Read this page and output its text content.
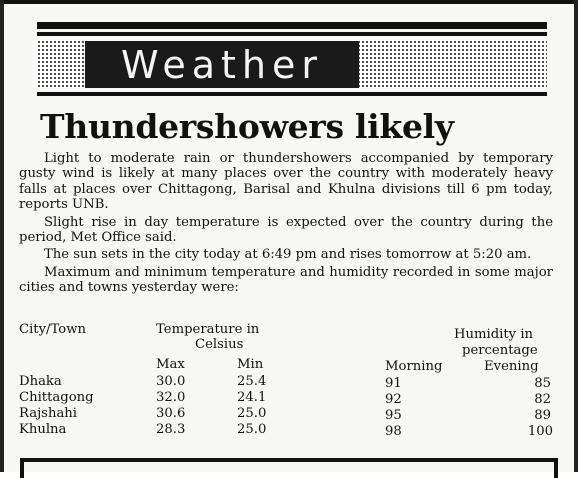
Weather
Thundershowers likely

Light to moderate rain or thundershowers accompanied by temporary gusty wind is likely at many places over the country with moderately heavy falls at places over Chittagong, Barisal and Khulna divisions till 6 pm today, reports UNB.

Slight rise in day temperature is expected over the country during the period, Met Office said.

The sun sets in the city today at 6:49 pm and rises tomorrow at 5:20 am.

Maximum and minimum temperature and humidity recorded in some major cities and towns yesterday were:

City/Town	Temperature in
Celsius
Humidity in
percentage
Max	Min	Morning	Evening
Dhaka	30.0	25.4	91	85
Chittagong	32.0	24.1	92	82
Rajshahi	30.6	25.0	95	89
Khulna	28.3	25.0	98	100
